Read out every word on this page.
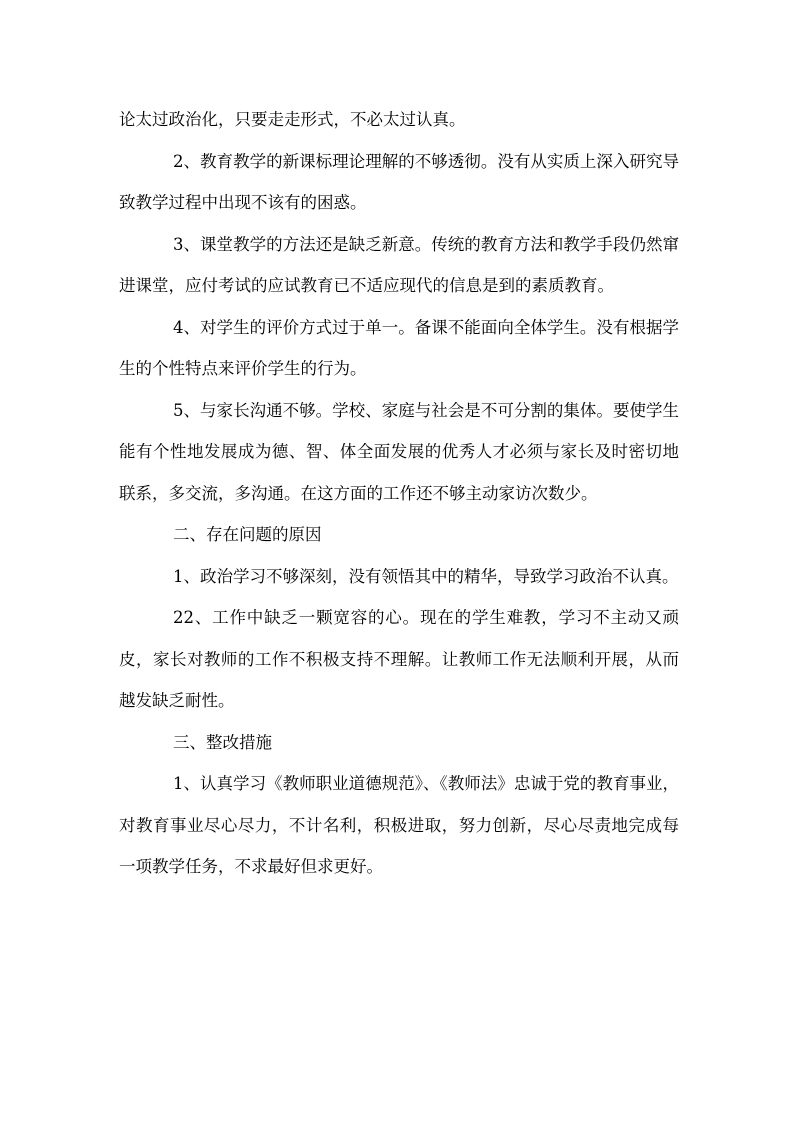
论太过政治化，只要走走形式，不必太过认真。

2、教育教学的新课标理论理解的不够透彻。没有从实质上深入研究导致教学过程中出现不该有的困惑。

3、课堂教学的方法还是缺乏新意。传统的教育方法和教学手段仍然窜进课堂，应付考试的应试教育已不适应现代的信息是到的素质教育。

4、对学生的评价方式过于单一。备课不能面向全体学生。没有根据学生的个性特点来评价学生的行为。

5、与家长沟通不够。学校、家庭与社会是不可分割的集体。要使学生能有个性地发展成为德、智、体全面发展的优秀人才必须与家长及时密切地联系，多交流，多沟通。在这方面的工作还不够主动家访次数少。

二、存在问题的原因

1、政治学习不够深刻，没有领悟其中的精华，导致学习政治不认真。

22、工作中缺乏一颗宽容的心。现在的学生难教，学习不主动又顽皮，家长对教师的工作不积极支持不理解。让教师工作无法顺利开展，从而越发缺乏耐性。

三、整改措施

1、认真学习《教师职业道德规范》、《教师法》忠诚于党的教育事业，对教育事业尽心尽力，不计名利，积极进取，努力创新，尽心尽责地完成每一项教学任务，不求最好但求更好。
